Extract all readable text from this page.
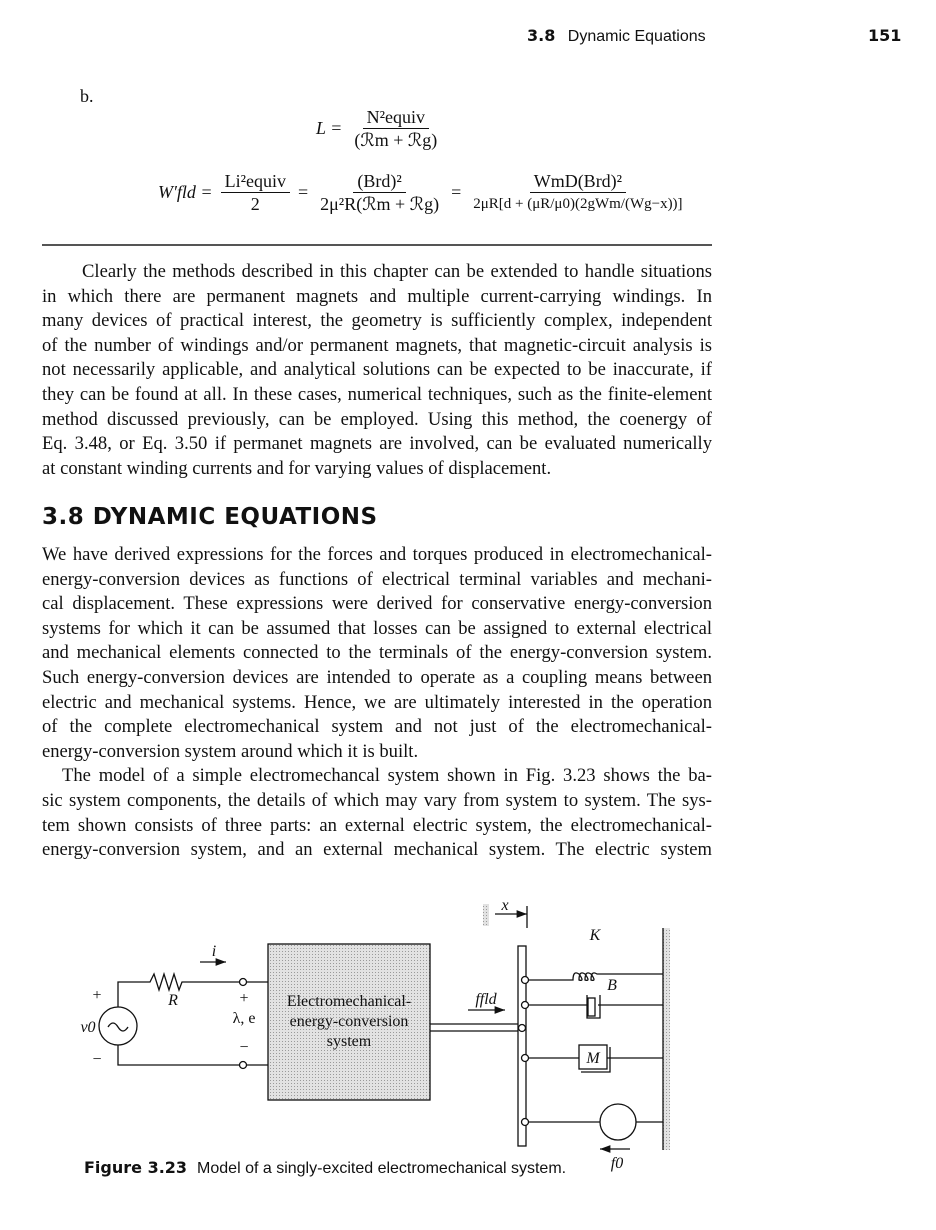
3.8 Dynamic Equations	151
b.
$L = \frac{\text{N²equiv}}{\text{(ℛm + ℛg)}}$
$W'fld = \frac{\text{Li²equiv}}{2} = \frac{\text{(Brd)²}}{\text{2μ²R(ℛm + ℛg)}} = \frac{\text{WmD(Brd)²}}{\text{2μR[d + (μR/μ0)(2gWm/(Wg−x))]}}$
Clearly the methods described in this chapter can be extended to handle situations
in which there are permanent magnets and multiple current-carrying windings. In
many devices of practical interest, the geometry is sufficiently complex, independent
of the number of windings and/or permanent magnets, that magnetic-circuit analysis is
not necessarily applicable, and analytical solutions can be expected to be inaccurate, if
they can be found at all. In these cases, numerical techniques, such as the finite-element
method discussed previously, can be employed. Using this method, the coenergy of
Eq. 3.48, or Eq. 3.50 if permanet magnets are involved, can be evaluated numerically
at constant winding currents and for varying values of displacement.
3.8 DYNAMIC EQUATIONS
We have derived expressions for the forces and torques produced in electromechanical-
energy-conversion devices as functions of electrical terminal variables and mechani-
cal displacement. These expressions were derived for conservative energy-conversion
systems for which it can be assumed that losses can be assigned to external electrical
and mechanical elements connected to the terminals of the energy-conversion system.
Such energy-conversion devices are intended to operate as a coupling means between
electric and mechanical systems. Hence, we are ultimately interested in the operation
of the complete electromechanical system and not just of the electromechanical-
energy-conversion system around which it is built.
The model of a simple electromechancal system shown in Fig. 3.23 shows the ba-
sic system components, the details of which may vary from system to system. The sys-
tem shown consists of three parts: an external electric system, the electromechanical-
energy-conversion system, and an external mechanical system. The electric system
i
R
+
−
v0
+
λ, e
−
Electromechanical-
energy-conversion
system
ffld
x
K
B
M
f0
Figure 3.23 Model of a singly-excited electromechanical system.
